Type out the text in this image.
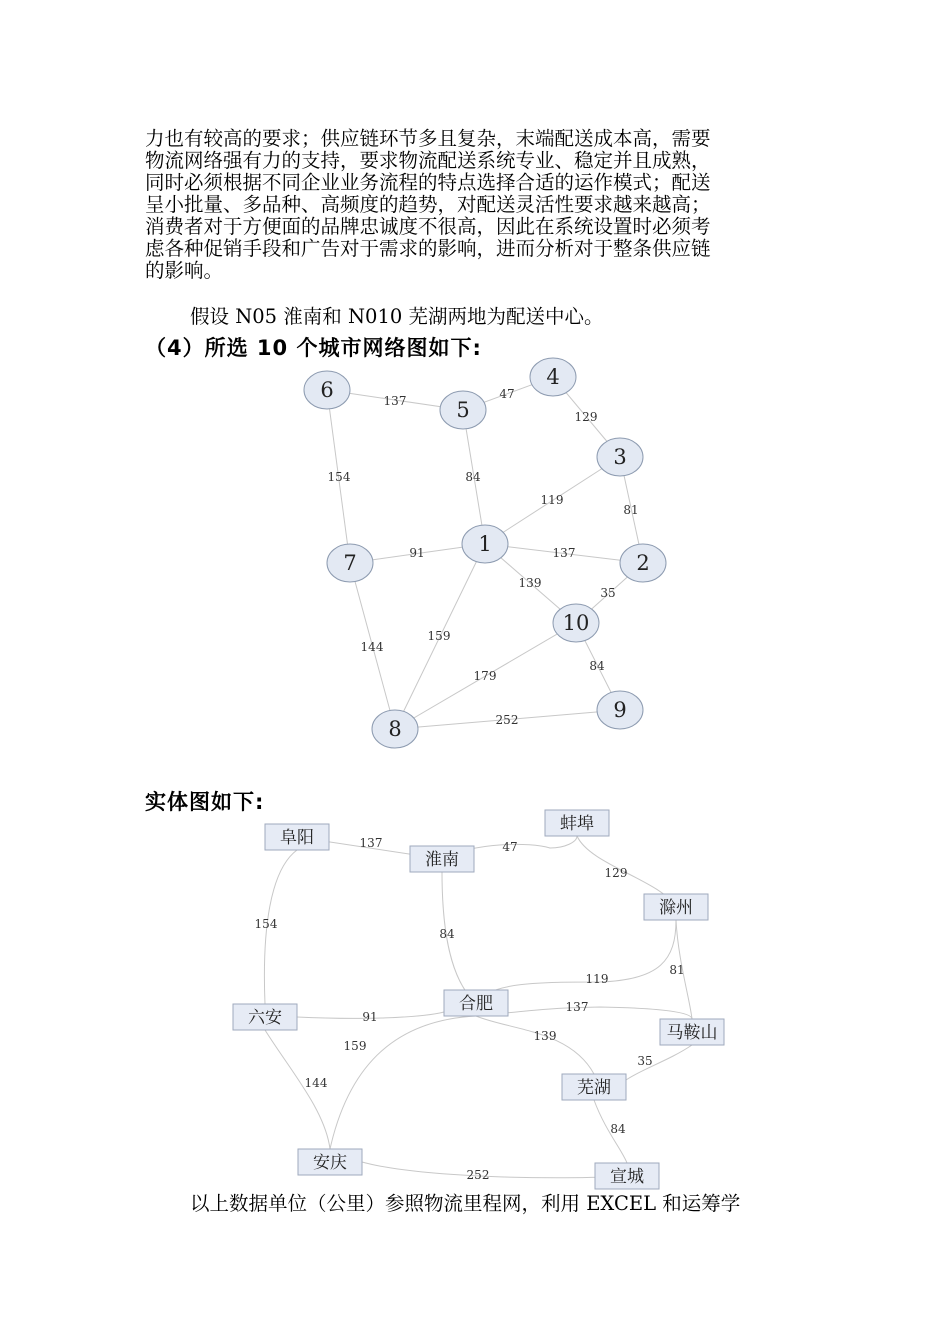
力也有较高的要求；供应链环节多且复杂，末端配送成本高，需要
物流网络强有力的支持，要求物流配送系统专业、稳定并且成熟，
同时必须根据不同企业业务流程的特点选择合适的运作模式；配送
呈小批量、多品种、高频度的趋势，对配送灵活性要求越来越高；
消费者对于方便面的品牌忠诚度不很高，因此在系统设置时必须考
虑各种促销手段和广告对于需求的影响，进而分析对于整条供应链
的影响。
假设 N05 淮南和 N010 芜湖两地为配送中心。
（4）所选 10 个城市网络图如下:
137	47
129
154	84
119
81
91	137
139
35
144
159
179
84
252
1
2
3
4
5
6
7
8
9
10
实体图如下:
137	47
129
154
84
119
81
91
137
139
35
144
159
252
84
阜阳
淮南
蚌埠
滁州
六安
合肥
马鞍山
芜湖
安庆
宣城
以上数据单位（公里）参照物流里程网，利用 EXCEL 和运筹学
